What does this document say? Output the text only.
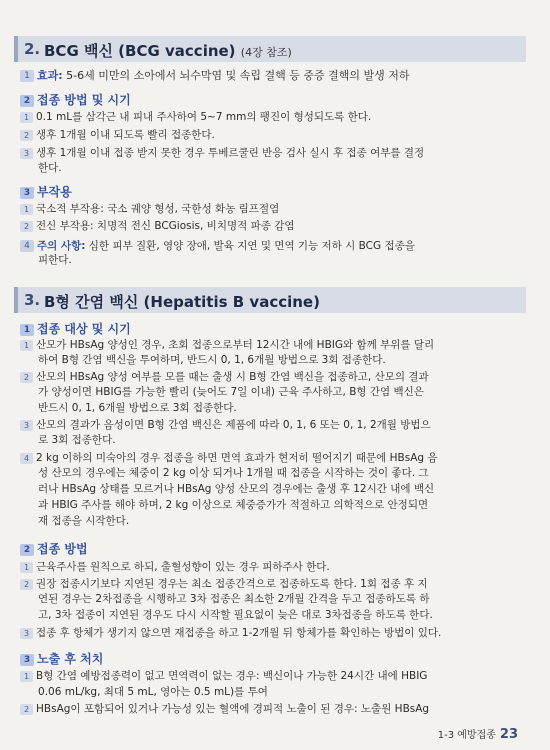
2. BCG 백신 (BCG vaccine) (4장 참조)
1 효과: 5-6세 미만의 소아에서 뇌수막염 및 속립 결핵 등 중증 결핵의 발생 저하
2 접종 방법 및 시기
1 0.1 mL를 삼각근 내 피내 주사하여 5~7 mm의 팽진이 형성되도록 한다.
2 생후 1개월 이내 되도록 빨리 접종한다.
3 생후 1개월 이내 접종 받지 못한 경우 투베르쿨린 반응 검사 실시 후 접종 여부를 결정
한다.
3 부작용
1 국소적 부작용: 국소 궤양 형성, 국한성 화농 림프절염
2 전신 부작용: 치명적 전신 BCGiosis, 비치명적 파종 감염
4 주의 사항: 심한 피부 질환, 영양 장애, 발육 지연 및 면역 기능 저하 시 BCG 접종을
피한다.
3. B형 간염 백신 (Hepatitis B vaccine)
1 접종 대상 및 시기
1 산모가 HBsAg 양성인 경우, 초회 접종으로부터 12시간 내에 HBIG와 함께 부위를 달리
하여 B형 간염 백신을 투여하며, 반드시 0, 1, 6개월 방법으로 3회 접종한다.
2 산모의 HBsAg 양성 여부를 모를 때는 출생 시 B형 간염 백신을 접종하고, 산모의 결과
가 양성이면 HBIG를 가능한 빨리 (늦어도 7일 이내) 근육 주사하고, B형 간염 백신은
반드시 0, 1, 6개월 방법으로 3회 접종한다.
3 산모의 결과가 음성이면 B형 간염 백신은 제품에 따라 0, 1, 6 또는 0, 1, 2개월 방법으
로 3회 접종한다.
4 2 kg 이하의 미숙아의 경우 접종을 하면 면역 효과가 현저히 떨어지기 때문에 HBsAg 음
성 산모의 경우에는 체중이 2 kg 이상 되거나 1개월 때 접종을 시작하는 것이 좋다. 그
러나 HBsAg 상태를 모르거나 HBsAg 양성 산모의 경우에는 출생 후 12시간 내에 백신
과 HBIG 주사를 해야 하며, 2 kg 이상으로 체중증가가 적절하고 의학적으로 안정되면
재 접종을 시작한다.
2 접종 방법
1 근육주사를 원칙으로 하되, 출혈성향이 있는 경우 피하주사 한다.
2 권장 접종시기보다 지연된 경우는 최소 접종간격으로 접종하도록 한다. 1회 접종 후 지
연된 경우는 2차접종을 시행하고 3차 접종은 최소한 2개월 간격을 두고 접종하도록 하
고, 3차 접종이 지연된 경우도 다시 시작할 필요없이 늦은 대로 3차접종을 하도록 한다.
3 접종 후 항체가 생기지 않으면 재접종을 하고 1-2개월 뒤 항체가를 확인하는 방법이 있다.
3 노출 후 처치
1 B형 간염 예방접종력이 없고 면역력이 없는 경우: 백신이나 가능한 24시간 내에 HBIG
0.06 mL/kg, 최대 5 mL, 영아는 0.5 mL)를 투여
2 HBsAg이 포함되어 있거나 가능성 있는 혈액에 경피적 노출이 된 경우: 노출원 HBsAg
1-3 예방접종 23
